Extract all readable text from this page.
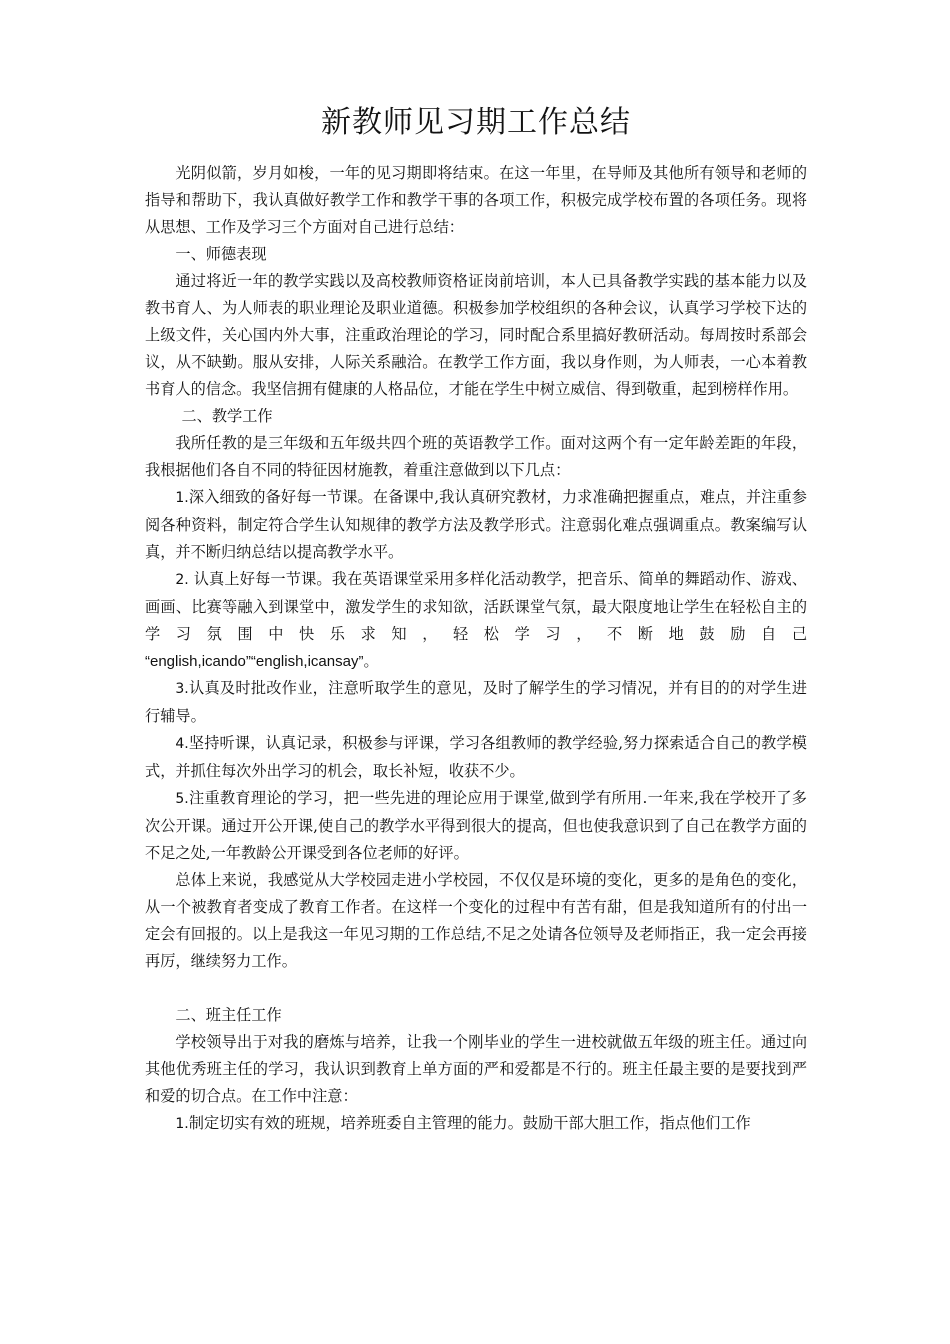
新教师见习期工作总结

光阴似箭，岁月如梭，一年的见习期即将结束。在这一年里，在导师及其他所有领导和老师的指导和帮助下，我认真做好教学工作和教学干事的各项工作，积极完成学校布置的各项任务。现将从思想、工作及学习三个方面对自己进行总结：

一、师德表现

通过将近一年的教学实践以及高校教师资格证岗前培训，本人已具备教学实践的基本能力以及教书育人、为人师表的职业理论及职业道德。积极参加学校组织的各种会议，认真学习学校下达的上级文件，关心国内外大事，注重政治理论的学习，同时配合系里搞好教研活动。每周按时系部会议，从不缺勤。服从安排，人际关系融洽。在教学工作方面，我以身作则，为人师表，一心本着教书育人的信念。我坚信拥有健康的人格品位，才能在学生中树立威信、得到敬重，起到榜样作用。

二、教学工作

我所任教的是三年级和五年级共四个班的英语教学工作。面对这两个有一定年龄差距的年段，我根据他们各自不同的特征因材施教，着重注意做到以下几点：

1.深入细致的备好每一节课。在备课中,我认真研究教材，力求准确把握重点，难点，并注重参阅各种资料，制定符合学生认知规律的教学方法及教学形式。注意弱化难点强调重点。教案编写认真，并不断归纳总结以提高教学水平。

2. 认真上好每一节课。我在英语课堂采用多样化活动教学，把音乐、简单的舞蹈动作、游戏、画画、比赛等融入到课堂中，激发学生的求知欲，活跃课堂气氛，最大限度地让学生在轻松自主的学习氛围中快乐求知，轻松学习，不断地鼓励自己

“english,icando”“english,icansay”。

3.认真及时批改作业，注意听取学生的意见，及时了解学生的学习情况，并有目的的对学生进行辅导。

4.坚持听课，认真记录，积极参与评课，学习各组教师的教学经验,努力探索适合自己的教学模式，并抓住每次外出学习的机会，取长补短，收获不少。

5.注重教育理论的学习，把一些先进的理论应用于课堂,做到学有所用.一年来,我在学校开了多次公开课。通过开公开课,使自己的教学水平得到很大的提高，但也使我意识到了自己在教学方面的不足之处,一年教龄公开课受到各位老师的好评。

总体上来说，我感觉从大学校园走进小学校园，不仅仅是环境的变化，更多的是角色的变化，从一个被教育者变成了教育工作者。在这样一个变化的过程中有苦有甜，但是我知道所有的付出一定会有回报的。以上是我这一年见习期的工作总结,不足之处请各位领导及老师指正，我一定会再接再厉，继续努力工作。

二、班主任工作

学校领导出于对我的磨炼与培养，让我一个刚毕业的学生一进校就做五年级的班主任。通过向其他优秀班主任的学习，我认识到教育上单方面的严和爱都是不行的。班主任最主要的是要找到严和爱的切合点。在工作中注意：

1.制定切实有效的班规，培养班委自主管理的能力。鼓励干部大胆工作，指点他们工作
